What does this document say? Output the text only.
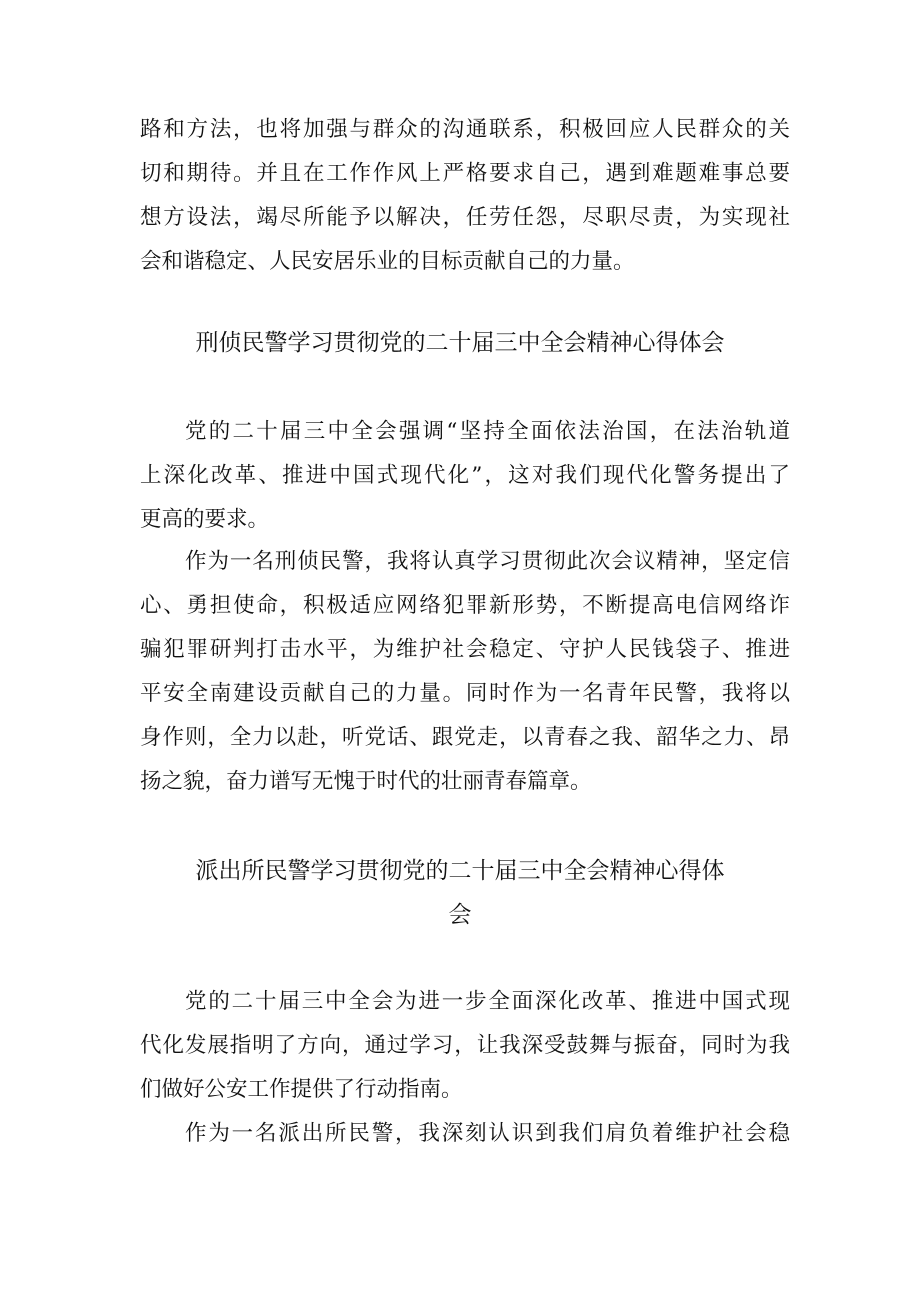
路和方法，也将加强与群众的沟通联系，积极回应人民群众的关
切和期待。并且在工作作风上严格要求自己，遇到难题难事总要
想方设法，竭尽所能予以解决，任劳任怨，尽职尽责，为实现社
会和谐稳定、人民安居乐业的目标贡献自己的力量。
刑侦民警学习贯彻党的二十届三中全会精神心得体会
党的二十届三中全会强调“坚持全面依法治国，在法治轨道
上深化改革、推进中国式现代化”，这对我们现代化警务提出了
更高的要求。
作为一名刑侦民警，我将认真学习贯彻此次会议精神，坚定信
心、勇担使命，积极适应网络犯罪新形势，不断提高电信网络诈
骗犯罪研判打击水平，为维护社会稳定、守护人民钱袋子、推进
平安全南建设贡献自己的力量。同时作为一名青年民警，我将以
身作则，全力以赴，听党话、跟党走，以青春之我、韶华之力、昂
扬之貌，奋力谱写无愧于时代的壮丽青春篇章。
派出所民警学习贯彻党的二十届三中全会精神心得体
会
党的二十届三中全会为进一步全面深化改革、推进中国式现
代化发展指明了方向，通过学习，让我深受鼓舞与振奋，同时为我
们做好公安工作提供了行动指南。
作为一名派出所民警，我深刻认识到我们肩负着维护社会稳
